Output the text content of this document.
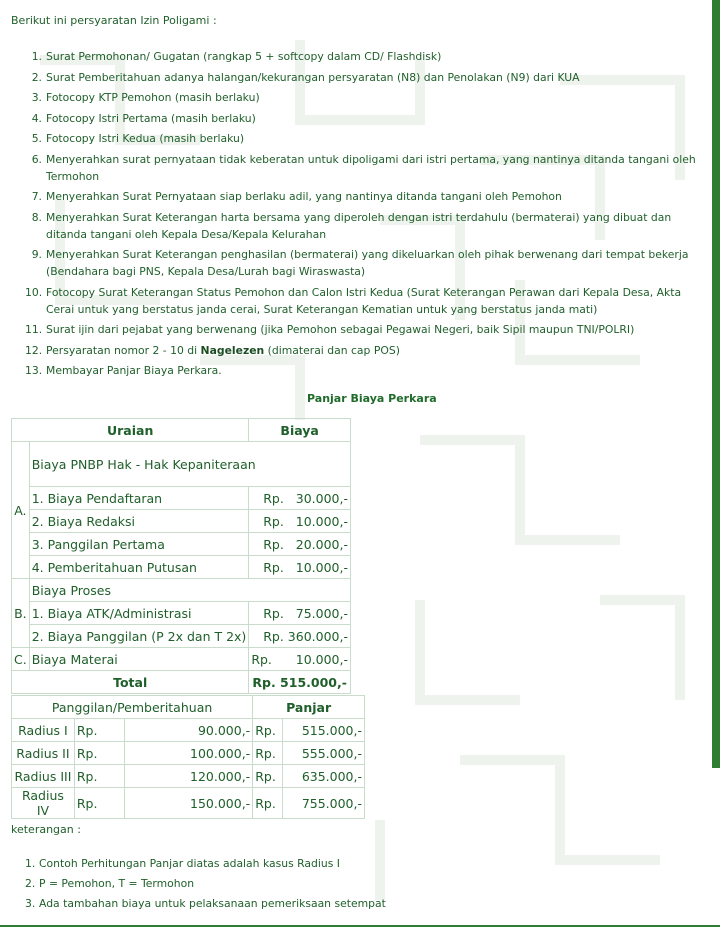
Berikut ini persyaratan Izin Poligami :
1. Surat Permohonan/ Gugatan (rangkap 5 + softcopy dalam CD/ Flashdisk)
2. Surat Pemberitahuan adanya halangan/kekurangan persyaratan (N8) dan Penolakan (N9) dari KUA
3. Fotocopy KTP Pemohon (masih berlaku)
4. Fotocopy Istri Pertama (masih berlaku)
5. Fotocopy Istri Kedua (masih berlaku)
6. Menyerahkan surat pernyataan tidak keberatan untuk dipoligami dari istri pertama, yang nantinya ditanda tangani oleh Termohon
7. Menyerahkan Surat Pernyataan siap berlaku adil, yang nantinya ditanda tangani oleh Pemohon
8. Menyerahkan Surat Keterangan harta bersama yang diperoleh dengan istri terdahulu (bermaterai) yang dibuat dan ditanda tangani oleh Kepala Desa/Kepala Kelurahan
9. Menyerahkan Surat Keterangan penghasilan (bermaterai) yang dikeluarkan oleh pihak berwenang dari tempat bekerja (Bendahara bagi PNS, Kepala Desa/Lurah bagi Wiraswasta)
10. Fotocopy Surat Keterangan Status Pemohon dan Calon Istri Kedua (Surat Keterangan Perawan dari Kepala Desa, Akta Cerai untuk yang berstatus janda cerai, Surat Keterangan Kematian untuk yang berstatus janda mati)
11. Surat ijin dari pejabat yang berwenang (jika Pemohon sebagai Pegawai Negeri, baik Sipil maupun TNI/POLRI)
12. Persyaratan nomor 2 - 10 di Nagelezen (dimaterai dan cap POS)
13. Membayar Panjar Biaya Perkara.
Panjar Biaya Perkara
Uraian		Biaya
A.	Biaya PNBP Hak - Hak Kepaniteraan	
	1. Biaya Pendaftaran	Rp. 30.000,-
	2. Biaya Redaksi	Rp. 10.000,-
	3. Panggilan Pertama	Rp. 20.000,-
	4. Pemberitahuan Putusan	Rp. 10.000,-
B.	Biaya Proses	
	1. Biaya ATK/Administrasi	Rp. 75.000,-
	2. Biaya Panggilan (P 2x dan T 2x)	Rp. 360.000,-
C.	Biaya Materai	Rp. 10.000,-
Total		Rp. 515.000,-
Panggilan/Pemberitahuan			Panjar	
Radius I	Rp.	90.000,-	Rp.	515.000,-
Radius II	Rp.	100.000,-	Rp.	555.000,-
Radius III	Rp.	120.000,-	Rp.	635.000,-
Radius IV	Rp.	150.000,-	Rp.	755.000,-
keterangan :
1. Contoh Perhitungan Panjar diatas adalah kasus Radius I
2. P = Pemohon, T = Termohon
3. Ada tambahan biaya untuk pelaksanaan pemeriksaan setempat
